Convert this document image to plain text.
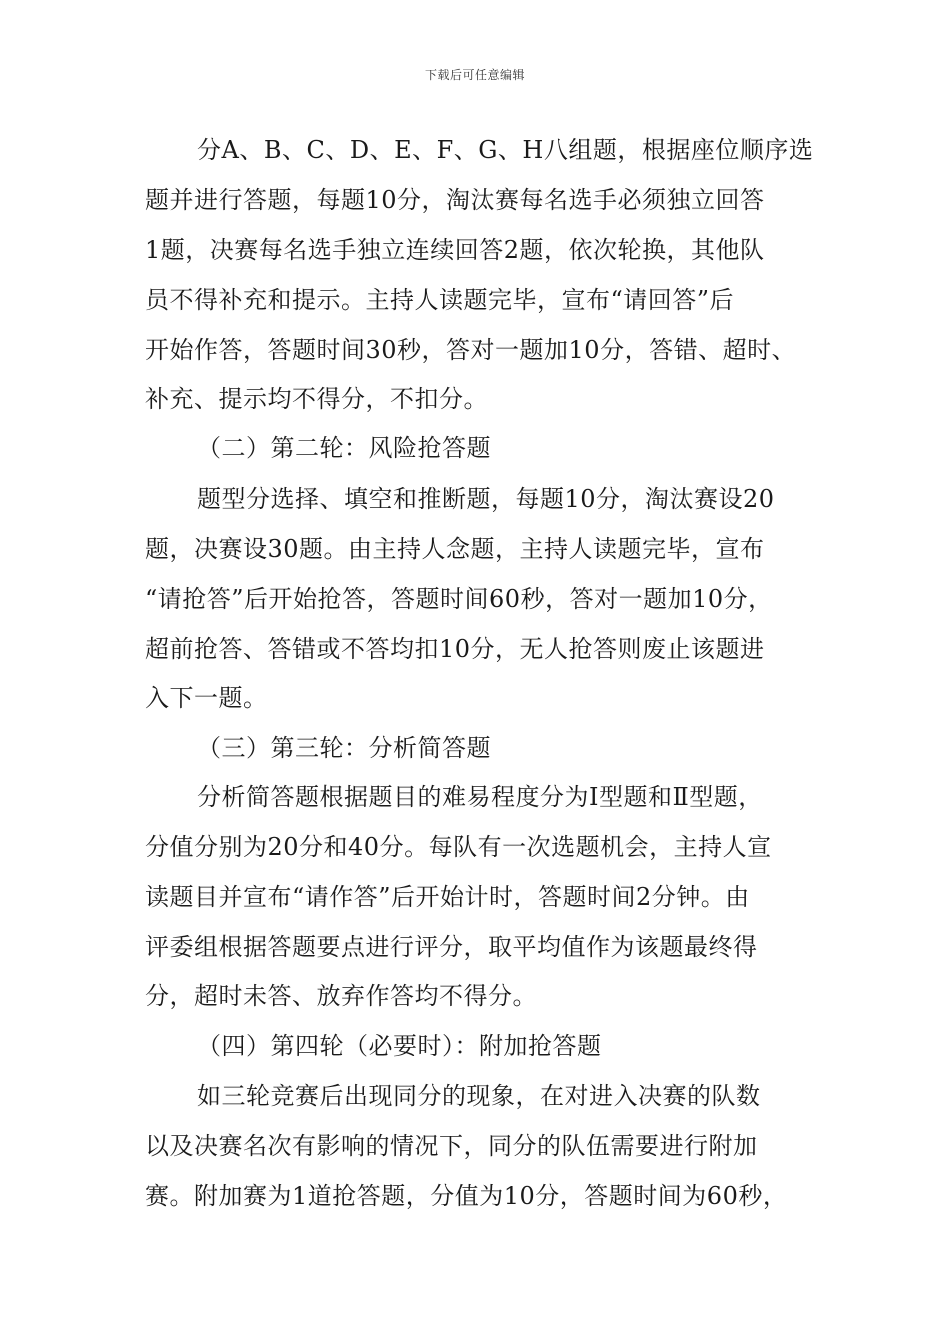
下载后可任意编辑
分A、B、C、D、E、F、G、H八组题，根据座位顺序选
题并进行答题，每题10分，淘汰赛每名选手必须独立回答
1题，决赛每名选手独立连续回答2题，依次轮换，其他队
员不得补充和提示。主持人读题完毕，宣布“请回答”后
开始作答，答题时间30秒，答对一题加10分，答错、超时、
补充、提示均不得分，不扣分。
（二）第二轮：风险抢答题
题型分选择、填空和推断题，每题10分，淘汰赛设20
题，决赛设30题。由主持人念题，主持人读题完毕，宣布
“请抢答”后开始抢答，答题时间60秒，答对一题加10分，
超前抢答、答错或不答均扣10分，无人抢答则废止该题进
入下一题。
（三）第三轮：分析简答题
分析简答题根据题目的难易程度分为Ⅰ型题和Ⅱ型题，
分值分别为20分和40分。每队有一次选题机会，主持人宣
读题目并宣布“请作答”后开始计时，答题时间2分钟。由
评委组根据答题要点进行评分，取平均值作为该题最终得
分，超时未答、放弃作答均不得分。
（四）第四轮（必要时）：附加抢答题
如三轮竞赛后出现同分的现象，在对进入决赛的队数
以及决赛名次有影响的情况下，同分的队伍需要进行附加
赛。附加赛为1道抢答题，分值为10分，答题时间为60秒，
